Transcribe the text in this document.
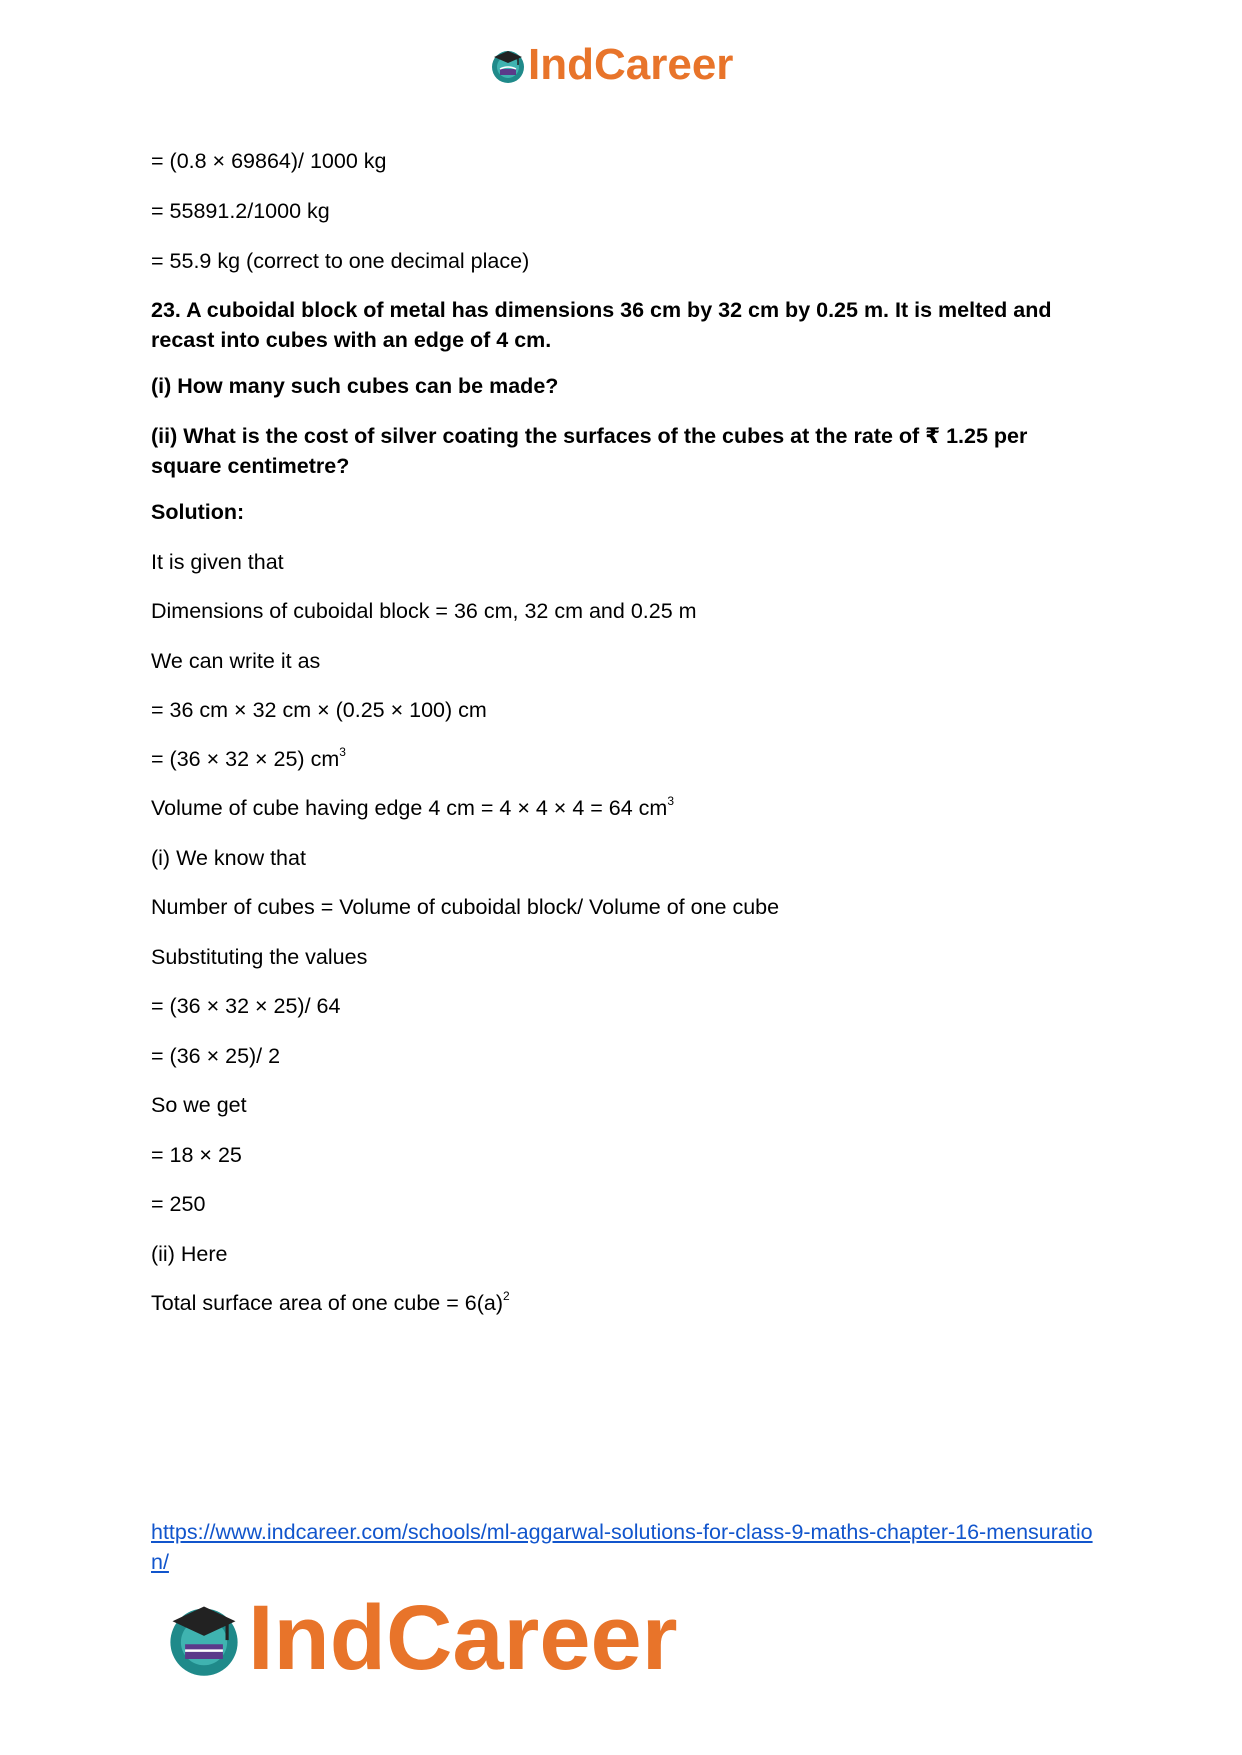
IndCareer
= (0.8 × 69864)/ 1000 kg
= 55891.2/1000 kg
= 55.9 kg (correct to one decimal place)
23. A cuboidal block of metal has dimensions 36 cm by 32 cm by 0.25 m. It is melted and recast into cubes with an edge of 4 cm.
(i) How many such cubes can be made?
(ii) What is the cost of silver coating the surfaces of the cubes at the rate of ₹ 1.25 per square centimetre?
Solution:
It is given that
Dimensions of cuboidal block = 36 cm, 32 cm and 0.25 m
We can write it as
= 36 cm × 32 cm × (0.25 × 100) cm
= (36 × 32 × 25) $cm^3$
Volume of cube having edge 4 cm = 4 × 4 × 4 = 64 $cm^3$
(i) We know that
Number of cubes = Volume of cuboidal block/ Volume of one cube
Substituting the values
= (36 × 32 × 25)/ 64
= (36 × 25)/ 2
So we get
= 18 × 25
= 250
(ii) Here
Total surface area of one cube = $6(a)^2$
https://www.indcareer.com/schools/ml-aggarwal-solutions-for-class-9-maths-chapter-16-mensuration/
IndCareer
